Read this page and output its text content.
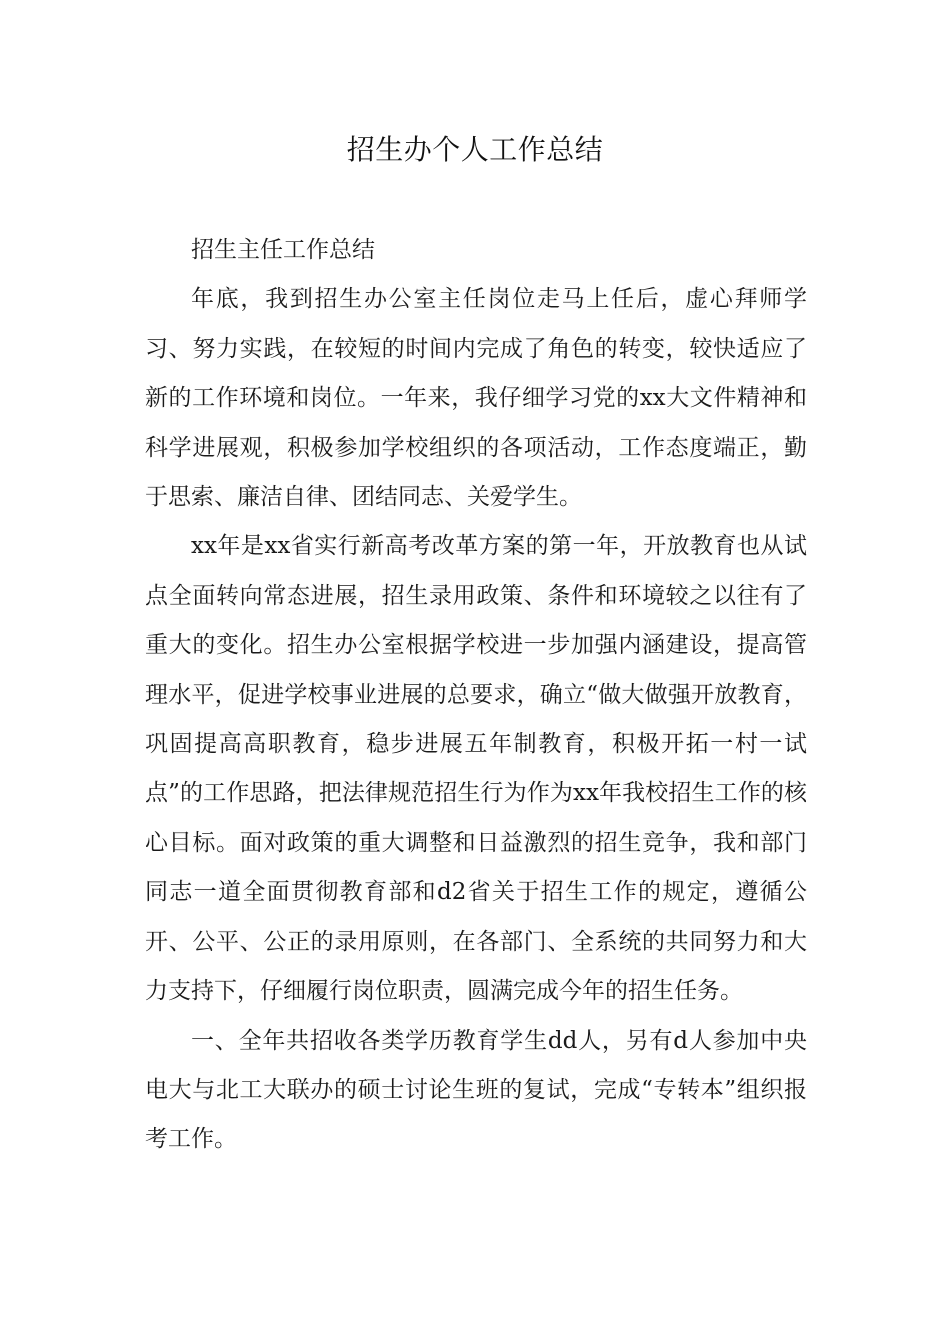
招生办个人工作总结

招生主任工作总结

年底，我到招生办公室主任岗位走马上任后，虚心拜师学习、努力实践，在较短的时间内完成了角色的转变，较快适应了新的工作环境和岗位。一年来，我仔细学习党的xx大文件精神和科学进展观，积极参加学校组织的各项活动，工作态度端正，勤于思索、廉洁自律、团结同志、关爱学生。

xx年是xx省实行新高考改革方案的第一年，开放教育也从试点全面转向常态进展，招生录用政策、条件和环境较之以往有了重大的变化。招生办公室根据学校进一步加强内涵建设，提高管理水平，促进学校事业进展的总要求，确立“做大做强开放教育，巩固提高高职教育，稳步进展五年制教育，积极开拓一村一试点”的工作思路，把法律规范招生行为作为xx年我校招生工作的核心目标。面对政策的重大调整和日益激烈的招生竞争，我和部门同志一道全面贯彻教育部和d2省关于招生工作的规定，遵循公开、公平、公正的录用原则，在各部门、全系统的共同努力和大力支持下，仔细履行岗位职责，圆满完成今年的招生任务。

一、全年共招收各类学历教育学生dd人，另有d人参加中央电大与北工大联办的硕士讨论生班的复试，完成“专转本”组织报考工作。
